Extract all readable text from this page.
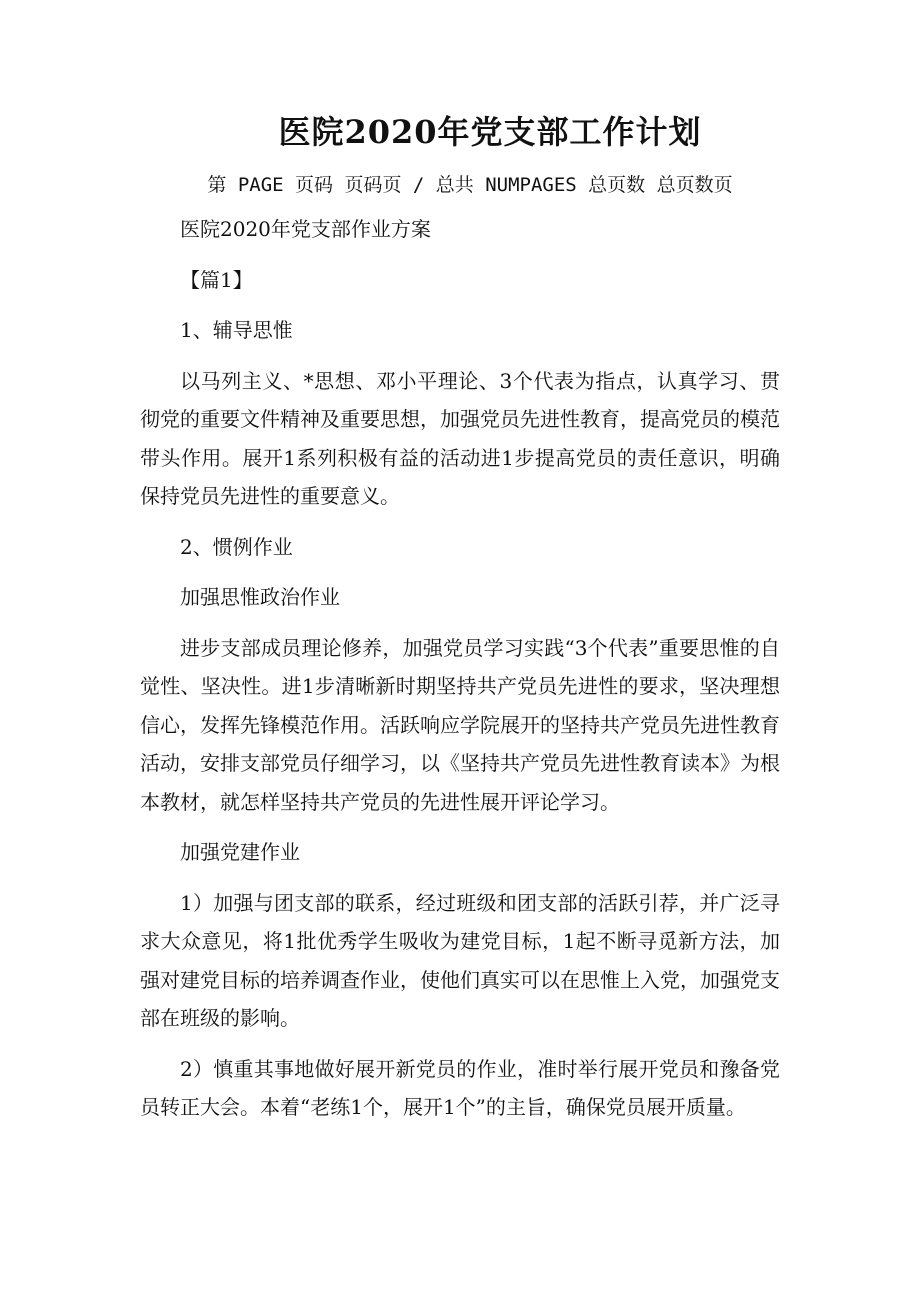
医院2020年党支部工作计划
第 PAGE 页码 页码页 / 总共 NUMPAGES 总页数 总页数页

医院2020年党支部作业方案

【篇1】

1、辅导思惟

以马列主义、*思想、邓小平理论、3个代表为指点，认真学习、贯彻党的重要文件精神及重要思想，加强党员先进性教育，提高党员的模范带头作用。展开1系列积极有益的活动进1步提高党员的责任意识，明确保持党员先进性的重要意义。

2、惯例作业

加强思惟政治作业

进步支部成员理论修养，加强党员学习实践“3个代表”重要思惟的自觉性、坚决性。进1步清晰新时期坚持共产党员先进性的要求，坚决理想信心，发挥先锋模范作用。活跃响应学院展开的坚持共产党员先进性教育活动，安排支部党员仔细学习，以《坚持共产党员先进性教育读本》为根本教材，就怎样坚持共产党员的先进性展开评论学习。

加强党建作业

1）加强与团支部的联系，经过班级和团支部的活跃引荐，并广泛寻求大众意见，将1批优秀学生吸收为建党目标，1起不断寻觅新方法，加强对建党目标的培养调查作业，使他们真实可以在思惟上入党，加强党支部在班级的影响。

2）慎重其事地做好展开新党员的作业，准时举行展开党员和豫备党员转正大会。本着“老练1个，展开1个”的主旨，确保党员展开质量。
